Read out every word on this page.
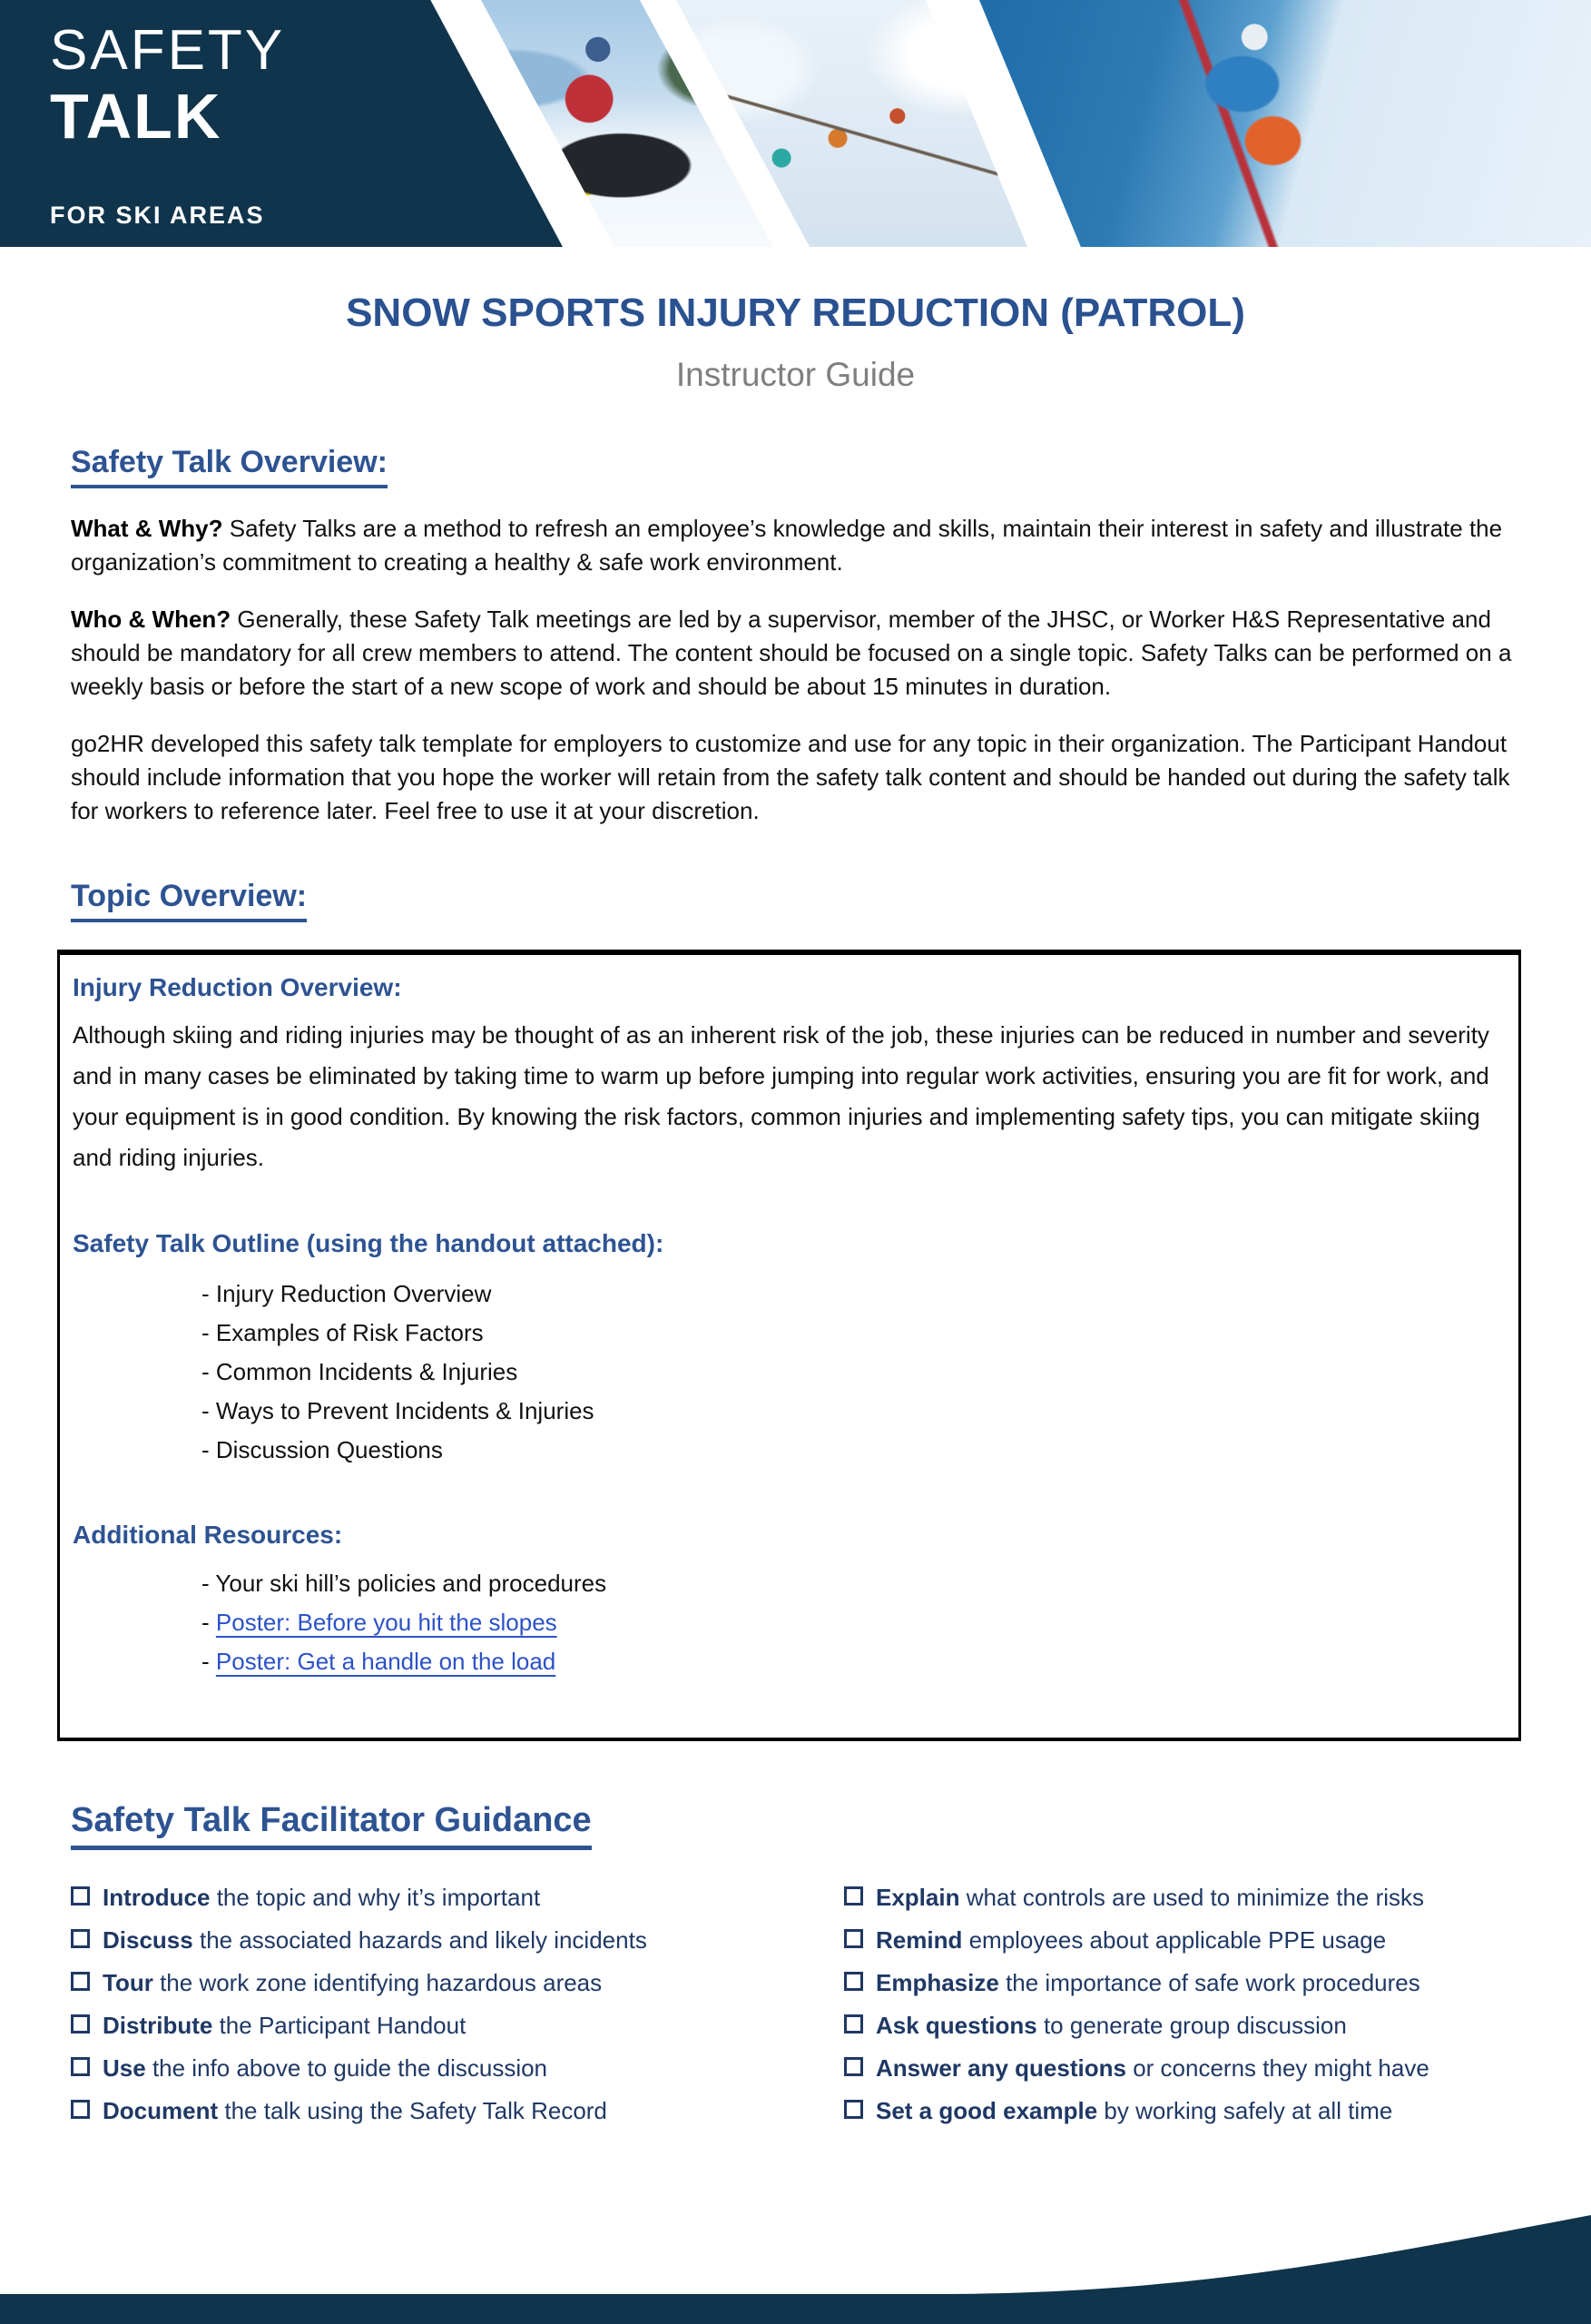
SAFETY
TALK
FOR SKI AREAS
SNOW SPORTS INJURY REDUCTION (PATROL)
Instructor Guide
Safety Talk Overview:

What & Why? Safety Talks are a method to refresh an employee’s knowledge and skills, maintain their interest in safety and illustrate the organization’s commitment to creating a healthy & safe work environment.

Who & When? Generally, these Safety Talk meetings are led by a supervisor, member of the JHSC, or Worker H&S Representative and should be mandatory for all crew members to attend. The content should be focused on a single topic. Safety Talks can be performed on a weekly basis or before the start of a new scope of work and should be about 15 minutes in duration.

go2HR developed this safety talk template for employers to customize and use for any topic in their organization. The Participant Handout should include information that you hope the worker will retain from the safety talk content and should be handed out during the safety talk for workers to reference later. Feel free to use it at your discretion.

Topic Overview:
Injury Reduction Overview:

Although skiing and riding injuries may be thought of as an inherent risk of the job, these injuries can be reduced in number and severity and in many cases be eliminated by taking time to warm up before jumping into regular work activities, ensuring you are fit for work, and your equipment is in good condition. By knowing the risk factors, common injuries and implementing safety tips, you can mitigate skiing and riding injuries.

Safety Talk Outline (using the handout attached):
- Injury Reduction Overview
- Examples of Risk Factors
- Common Incidents & Injuries
- Ways to Prevent Incidents & Injuries
- Discussion Questions
Additional Resources:
- Your ski hill’s policies and procedures
- Poster: Before you hit the slopes
- Poster: Get a handle on the load
Safety Talk Facilitator Guidance
Introduce the topic and why it’s important
Discuss the associated hazards and likely incidents
Tour the work zone identifying hazardous areas
Distribute the Participant Handout
Use the info above to guide the discussion
Document the talk using the Safety Talk Record
Explain what controls are used to minimize the risks
Remind employees about applicable PPE usage
Emphasize the importance of safe work procedures
Ask questions to generate group discussion
Answer any questions or concerns they might have
Set a good example by working safely at all time
